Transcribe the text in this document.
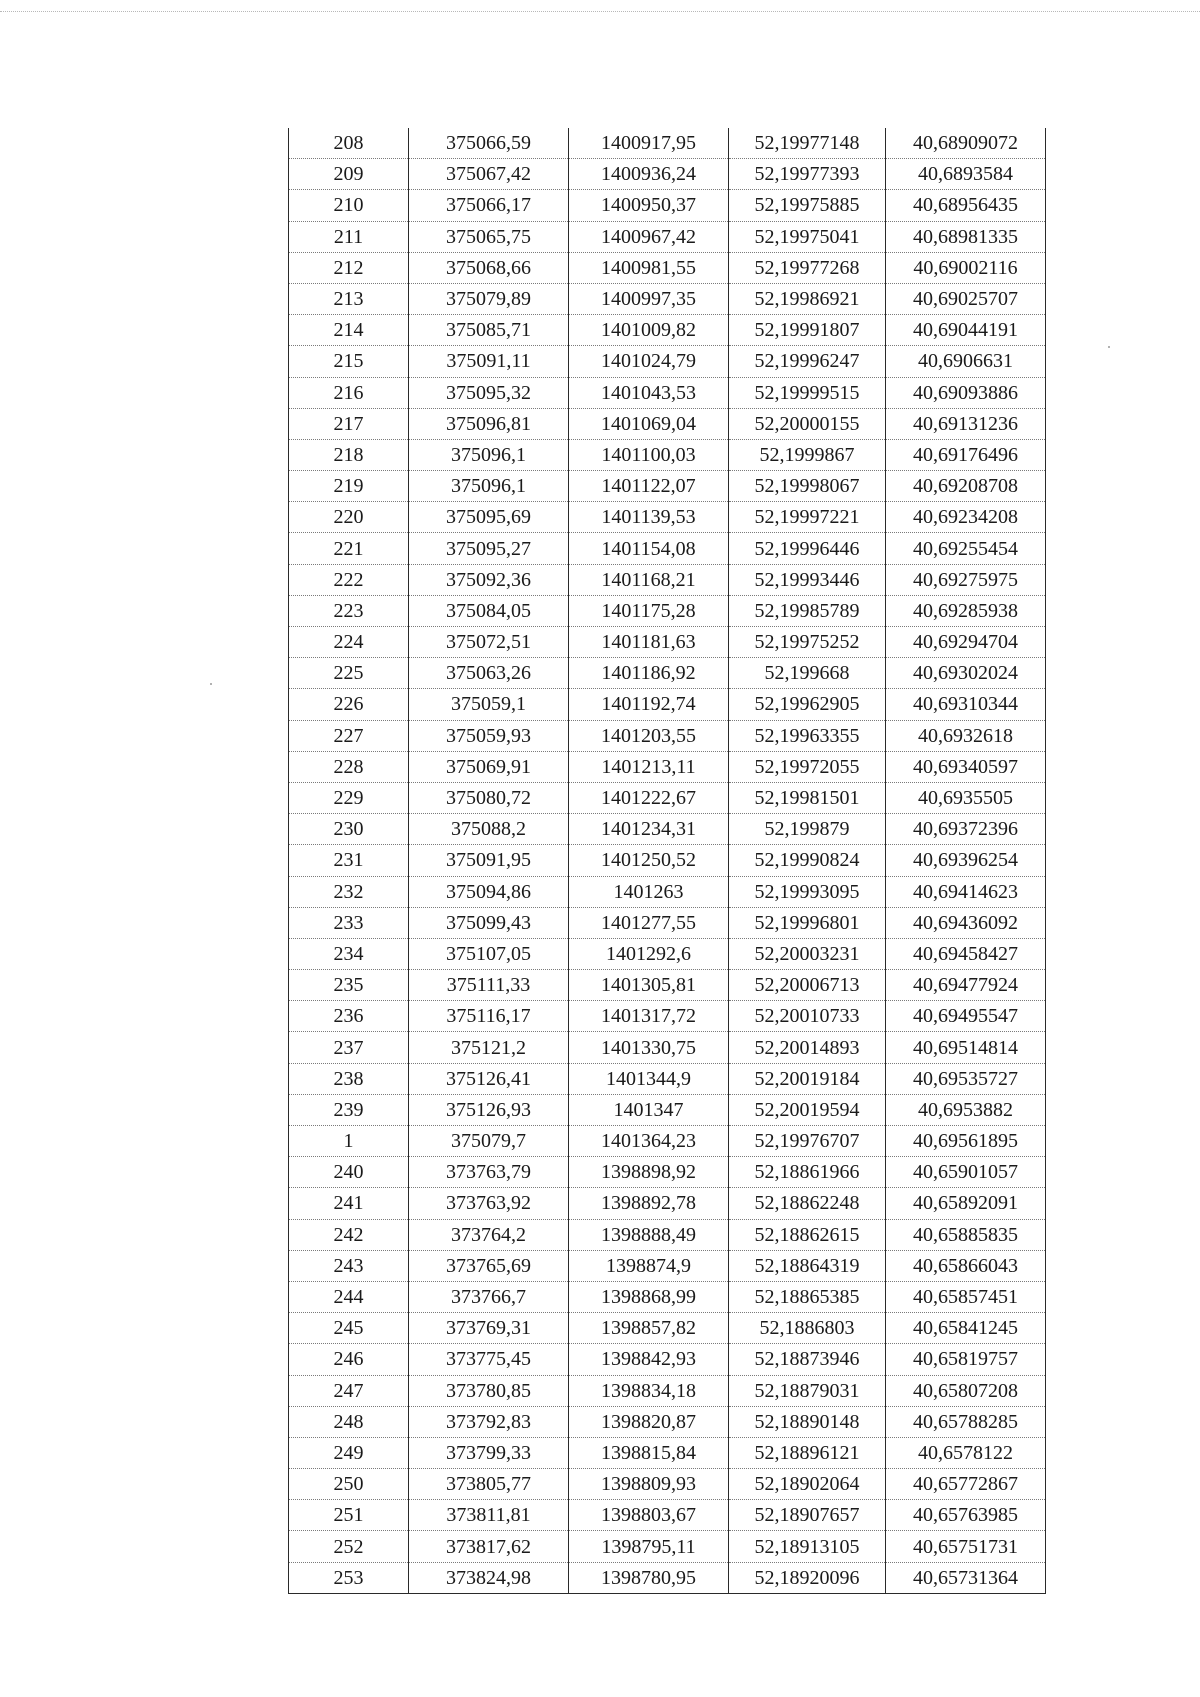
208	375066,59	1400917,95	52,19977148	40,68909072
209	375067,42	1400936,24	52,19977393	40,6893584
210	375066,17	1400950,37	52,19975885	40,68956435
211	375065,75	1400967,42	52,19975041	40,68981335
212	375068,66	1400981,55	52,19977268	40,69002116
213	375079,89	1400997,35	52,19986921	40,69025707
214	375085,71	1401009,82	52,19991807	40,69044191
215	375091,11	1401024,79	52,19996247	40,6906631
216	375095,32	1401043,53	52,19999515	40,69093886
217	375096,81	1401069,04	52,20000155	40,69131236
218	375096,1	1401100,03	52,1999867	40,69176496
219	375096,1	1401122,07	52,19998067	40,69208708
220	375095,69	1401139,53	52,19997221	40,69234208
221	375095,27	1401154,08	52,19996446	40,69255454
222	375092,36	1401168,21	52,19993446	40,69275975
223	375084,05	1401175,28	52,19985789	40,69285938
224	375072,51	1401181,63	52,19975252	40,69294704
225	375063,26	1401186,92	52,199668	40,69302024
226	375059,1	1401192,74	52,19962905	40,69310344
227	375059,93	1401203,55	52,19963355	40,6932618
228	375069,91	1401213,11	52,19972055	40,69340597
229	375080,72	1401222,67	52,19981501	40,6935505
230	375088,2	1401234,31	52,199879	40,69372396
231	375091,95	1401250,52	52,19990824	40,69396254
232	375094,86	1401263	52,19993095	40,69414623
233	375099,43	1401277,55	52,19996801	40,69436092
234	375107,05	1401292,6	52,20003231	40,69458427
235	375111,33	1401305,81	52,20006713	40,69477924
236	375116,17	1401317,72	52,20010733	40,69495547
237	375121,2	1401330,75	52,20014893	40,69514814
238	375126,41	1401344,9	52,20019184	40,69535727
239	375126,93	1401347	52,20019594	40,6953882
1	375079,7	1401364,23	52,19976707	40,69561895
240	373763,79	1398898,92	52,18861966	40,65901057
241	373763,92	1398892,78	52,18862248	40,65892091
242	373764,2	1398888,49	52,18862615	40,65885835
243	373765,69	1398874,9	52,18864319	40,65866043
244	373766,7	1398868,99	52,18865385	40,65857451
245	373769,31	1398857,82	52,1886803	40,65841245
246	373775,45	1398842,93	52,18873946	40,65819757
247	373780,85	1398834,18	52,18879031	40,65807208
248	373792,83	1398820,87	52,18890148	40,65788285
249	373799,33	1398815,84	52,18896121	40,6578122
250	373805,77	1398809,93	52,18902064	40,65772867
251	373811,81	1398803,67	52,18907657	40,65763985
252	373817,62	1398795,11	52,18913105	40,65751731
253	373824,98	1398780,95	52,18920096	40,65731364
